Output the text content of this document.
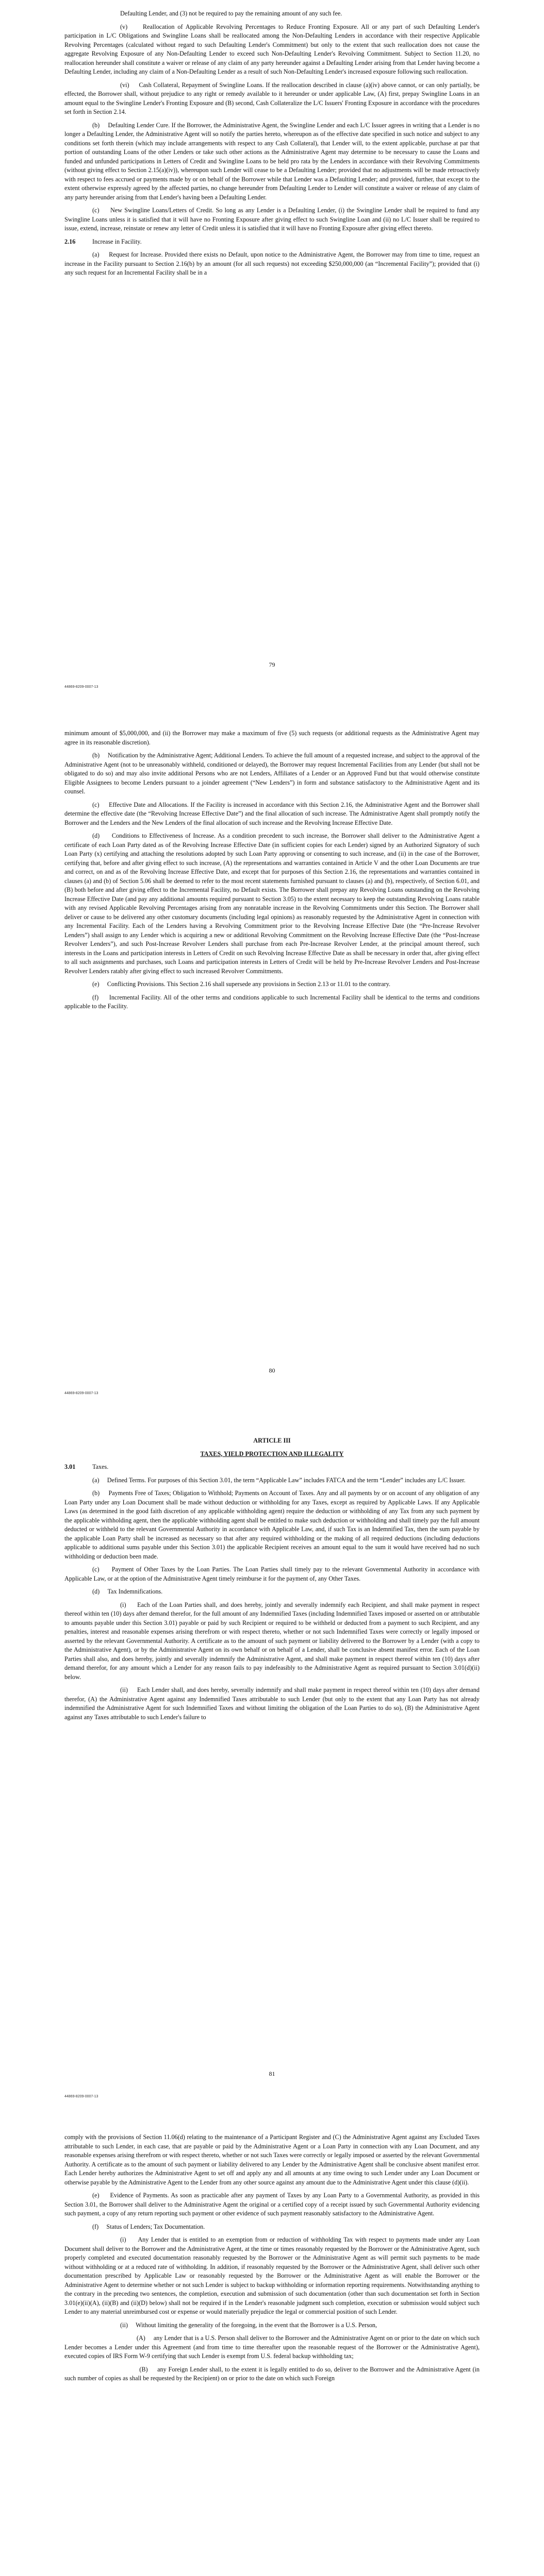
Defaulting Lender, and (3) not be required to pay the remaining amount of any such fee.

(v)     Reallocation of Applicable Revolving Percentages to Reduce Fronting Exposure. All or any part of such Defaulting Lender's participation in L/C Obligations and Swingline Loans shall be reallocated among the Non-Defaulting Lenders in accordance with their respective Applicable Revolving Percentages (calculated without regard to such Defaulting Lender's Commitment) but only to the extent that such reallocation does not cause the aggregate Revolving Exposure of any Non-Defaulting Lender to exceed such Non-Defaulting Lender's Revolving Commitment. Subject to Section 11.20, no reallocation hereunder shall constitute a waiver or release of any claim of any party hereunder against a Defaulting Lender arising from that Lender having become a Defaulting Lender, including any claim of a Non-Defaulting Lender as a result of such Non-Defaulting Lender's increased exposure following such reallocation.

(vi)     Cash Collateral, Repayment of Swingline Loans. If the reallocation described in clause (a)(iv) above cannot, or can only partially, be effected, the Borrower shall, without prejudice to any right or remedy available to it hereunder or under applicable Law, (A) first, prepay Swingline Loans in an amount equal to the Swingline Lender's Fronting Exposure and (B) second, Cash Collateralize the L/C Issuers' Fronting Exposure in accordance with the procedures set forth in Section 2.14.

(b)     Defaulting Lender Cure. If the Borrower, the Administrative Agent, the Swingline Lender and each L/C Issuer agrees in writing that a Lender is no longer a Defaulting Lender, the Administrative Agent will so notify the parties hereto, whereupon as of the effective date specified in such notice and subject to any conditions set forth therein (which may include arrangements with respect to any Cash Collateral), that Lender will, to the extent applicable, purchase at par that portion of outstanding Loans of the other Lenders or take such other actions as the Administrative Agent may determine to be necessary to cause the Loans and funded and unfunded participations in Letters of Credit and Swingline Loans to be held pro rata by the Lenders in accordance with their Revolving Commitments (without giving effect to Section 2.15(a)(iv)), whereupon such Lender will cease to be a Defaulting Lender; provided that no adjustments will be made retroactively with respect to fees accrued or payments made by or on behalf of the Borrower while that Lender was a Defaulting Lender; and provided, further, that except to the extent otherwise expressly agreed by the affected parties, no change hereunder from Defaulting Lender to Lender will constitute a waiver or release of any claim of any party hereunder arising from that Lender's having been a Defaulting Lender.

(c)     New Swingline Loans/Letters of Credit. So long as any Lender is a Defaulting Lender, (i) the Swingline Lender shall be required to fund any Swingline Loans unless it is satisfied that it will have no Fronting Exposure after giving effect to such Swingline Loan and (ii) no L/C Issuer shall be required to issue, extend, increase, reinstate or renew any letter of Credit unless it is satisfied that it will have no Fronting Exposure after giving effect thereto.

2.16	Increase in Facility.

(a)     Request for Increase. Provided there exists no Default, upon notice to the Administrative Agent, the Borrower may from time to time, request an increase in the Facility pursuant to Section 2.16(b) by an amount (for all such requests) not exceeding $250,000,000 (an “Incremental Facility”); provided that (i) any such request for an Incremental Facility shall be in a

79
44869-8209-0007-13

minimum amount of $5,000,000, and (ii) the Borrower may make a maximum of five (5) such requests (or additional requests as the Administrative Agent may agree in its reasonable discretion).

(b)     Notification by the Administrative Agent; Additional Lenders. To achieve the full amount of a requested increase, and subject to the approval of the Administrative Agent (not to be unreasonably withheld, conditioned or delayed), the Borrower may request Incremental Facilities from any Lender (but shall not be obligated to do so) and may also invite additional Persons who are not Lenders, Affiliates of a Lender or an Approved Fund but that would otherwise constitute Eligible Assignees to become Lenders pursuant to a joinder agreement (“New Lenders”) in form and substance satisfactory to the Administrative Agent and its counsel.

(c)     Effective Date and Allocations. If the Facility is increased in accordance with this Section 2.16, the Administrative Agent and the Borrower shall determine the effective date (the “Revolving Increase Effective Date”) and the final allocation of such increase. The Administrative Agent shall promptly notify the Borrower and the Lenders and the New Lenders of the final allocation of such increase and the Revolving Increase Effective Date.

(d)     Conditions to Effectiveness of Increase. As a condition precedent to such increase, the Borrower shall deliver to the Administrative Agent a certificate of each Loan Party dated as of the Revolving Increase Effective Date (in sufficient copies for each Lender) signed by an Authorized Signatory of such Loan Party (x) certifying and attaching the resolutions adopted by such Loan Party approving or consenting to such increase, and (ii) in the case of the Borrower, certifying that, before and after giving effect to such increase, (A) the representations and warranties contained in Article V and the other Loan Documents are true and correct, on and as of the Revolving Increase Effective Date, and except that for purposes of this Section 2.16, the representations and warranties contained in clauses (a) and (b) of Section 5.06 shall be deemed to refer to the most recent statements furnished pursuant to clauses (a) and (b), respectively, of Section 6.01, and (B) both before and after giving effect to the Incremental Facility, no Default exists. The Borrower shall prepay any Revolving Loans outstanding on the Revolving Increase Effective Date (and pay any additional amounts required pursuant to Section 3.05) to the extent necessary to keep the outstanding Revolving Loans ratable with any revised Applicable Revolving Percentages arising from any nonratable increase in the Revolving Commitments under this Section. The Borrower shall deliver or cause to be delivered any other customary documents (including legal opinions) as reasonably requested by the Administrative Agent in connection with any Incremental Facility. Each of the Lenders having a Revolving Commitment prior to the Revolving Increase Effective Date (the “Pre-Increase Revolver Lenders”) shall assign to any Lender which is acquiring a new or additional Revolving Commitment on the Revolving Increase Effective Date (the “Post-Increase Revolver Lenders”), and such Post-Increase Revolver Lenders shall purchase from each Pre-Increase Revolver Lender, at the principal amount thereof, such interests in the Loans and participation interests in Letters of Credit on such Revolving Increase Effective Date as shall be necessary in order that, after giving effect to all such assignments and purchases, such Loans and participation interests in Letters of Credit will be held by Pre-Increase Revolver Lenders and Post-Increase Revolver Lenders ratably after giving effect to such increased Revolver Commitments.

(e)     Conflicting Provisions. This Section 2.16 shall supersede any provisions in Section 2.13 or 11.01 to the contrary.

(f)     Incremental Facility. All of the other terms and conditions applicable to such Incremental Facility shall be identical to the terms and conditions applicable to the Facility.

80
44869-8209-0007-13

ARTICLE III

TAXES, YIELD PROTECTION AND ILLEGALITY

3.01	Taxes.

(a)     Defined Terms. For purposes of this Section 3.01, the term “Applicable Law” includes FATCA and the term “Lender” includes any L/C Issuer.

(b)     Payments Free of Taxes; Obligation to Withhold; Payments on Account of Taxes. Any and all payments by or on account of any obligation of any Loan Party under any Loan Document shall be made without deduction or withholding for any Taxes, except as required by Applicable Laws. If any Applicable Laws (as determined in the good faith discretion of any applicable withholding agent) require the deduction or withholding of any Tax from any such payment by the applicable withholding agent, then the applicable withholding agent shall be entitled to make such deduction or withholding and shall timely pay the full amount deducted or withheld to the relevant Governmental Authority in accordance with Applicable Law, and, if such Tax is an Indemnified Tax, then the sum payable by the applicable Loan Party shall be increased as necessary so that after any required withholding or the making of all required deductions (including deductions applicable to additional sums payable under this Section 3.01) the applicable Recipient receives an amount equal to the sum it would have received had no such withholding or deduction been made.

(c)     Payment of Other Taxes by the Loan Parties. The Loan Parties shall timely pay to the relevant Governmental Authority in accordance with Applicable Law, or at the option of the Administrative Agent timely reimburse it for the payment of, any Other Taxes.

(d)     Tax Indemnifications.

(i)     Each of the Loan Parties shall, and does hereby, jointly and severally indemnify each Recipient, and shall make payment in respect thereof within ten (10) days after demand therefor, for the full amount of any Indemnified Taxes (including Indemnified Taxes imposed or asserted on or attributable to amounts payable under this Section 3.01) payable or paid by such Recipient or required to be withheld or deducted from a payment to such Recipient, and any penalties, interest and reasonable expenses arising therefrom or with respect thereto, whether or not such Indemnified Taxes were correctly or legally imposed or asserted by the relevant Governmental Authority. A certificate as to the amount of such payment or liability delivered to the Borrower by a Lender (with a copy to the Administrative Agent), or by the Administrative Agent on its own behalf or on behalf of a Lender, shall be conclusive absent manifest error. Each of the Loan Parties shall also, and does hereby, jointly and severally indemnify the Administrative Agent, and shall make payment in respect thereof within ten (10) days after demand therefor, for any amount which a Lender for any reason fails to pay indefeasibly to the Administrative Agent as required pursuant to Section 3.01(d)(ii) below.

(ii)     Each Lender shall, and does hereby, severally indemnify and shall make payment in respect thereof within ten (10) days after demand therefor, (A) the Administrative Agent against any Indemnified Taxes attributable to such Lender (but only to the extent that any Loan Party has not already indemnified the Administrative Agent for such Indemnified Taxes and without limiting the obligation of the Loan Parties to do so), (B) the Administrative Agent against any Taxes attributable to such Lender's failure to

81
44869-8209-0007-13

comply with the provisions of Section 11.06(d) relating to the maintenance of a Participant Register and (C) the Administrative Agent against any Excluded Taxes attributable to such Lender, in each case, that are payable or paid by the Administrative Agent or a Loan Party in connection with any Loan Document, and any reasonable expenses arising therefrom or with respect thereto, whether or not such Taxes were correctly or legally imposed or asserted by the relevant Governmental Authority. A certificate as to the amount of such payment or liability delivered to any Lender by the Administrative Agent shall be conclusive absent manifest error. Each Lender hereby authorizes the Administrative Agent to set off and apply any and all amounts at any time owing to such Lender under any Loan Document or otherwise payable by the Administrative Agent to the Lender from any other source against any amount due to the Administrative Agent under this clause (d)(ii).

(e)     Evidence of Payments. As soon as practicable after any payment of Taxes by any Loan Party to a Governmental Authority, as provided in this Section 3.01, the Borrower shall deliver to the Administrative Agent the original or a certified copy of a receipt issued by such Governmental Authority evidencing such payment, a copy of any return reporting such payment or other evidence of such payment reasonably satisfactory to the Administrative Agent.

(f)     Status of Lenders; Tax Documentation.

(i)     Any Lender that is entitled to an exemption from or reduction of withholding Tax with respect to payments made under any Loan Document shall deliver to the Borrower and the Administrative Agent, at the time or times reasonably requested by the Borrower or the Administrative Agent, such properly completed and executed documentation reasonably requested by the Borrower or the Administrative Agent as will permit such payments to be made without withholding or at a reduced rate of withholding. In addition, if reasonably requested by the Borrower or the Administrative Agent, shall deliver such other documentation prescribed by Applicable Law or reasonably requested by the Borrower or the Administrative Agent as will enable the Borrower or the Administrative Agent to determine whether or not such Lender is subject to backup withholding or information reporting requirements. Notwithstanding anything to the contrary in the preceding two sentences, the completion, execution and submission of such documentation (other than such documentation set forth in Section 3.01(e)(ii)(A), (ii)(B) and (ii)(D) below) shall not be required if in the Lender's reasonable judgment such completion, execution or submission would subject such Lender to any material unreimbursed cost or expense or would materially prejudice the legal or commercial position of such Lender.

(ii)     Without limiting the generality of the foregoing, in the event that the Borrower is a U.S. Person,

(A)     any Lender that is a U.S. Person shall deliver to the Borrower and the Administrative Agent on or prior to the date on which such Lender becomes a Lender under this Agreement (and from time to time thereafter upon the reasonable request of the Borrower or the Administrative Agent), executed copies of IRS Form W-9 certifying that such Lender is exempt from U.S. federal backup withholding tax;

(B)     any Foreign Lender shall, to the extent it is legally entitled to do so, deliver to the Borrower and the Administrative Agent (in such number of copies as shall be requested by the Recipient) on or prior to the date on which such Foreign
